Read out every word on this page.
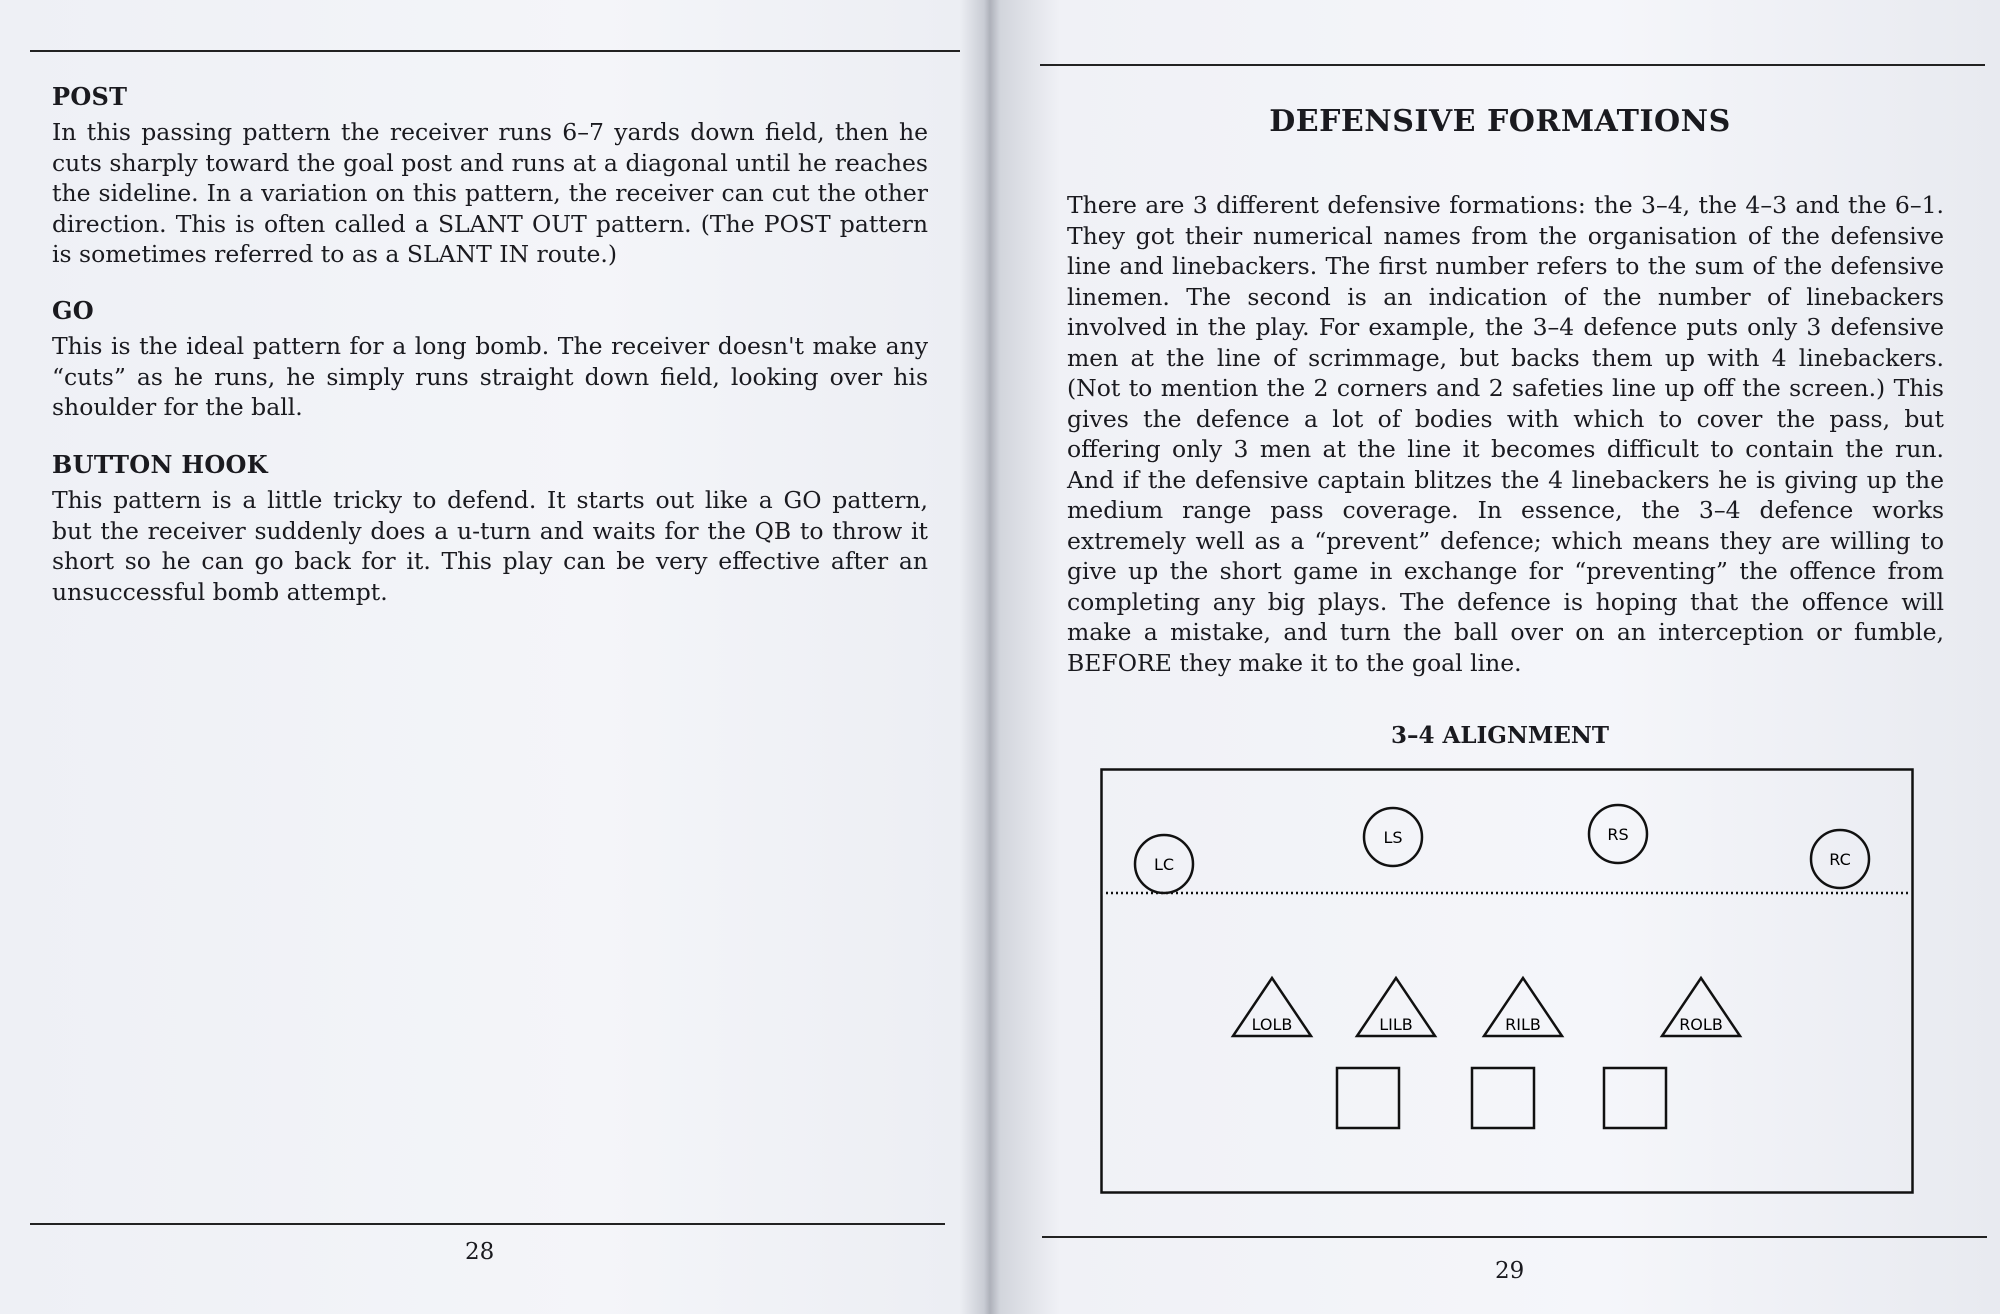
POST

In this passing pattern the receiver runs 6–7 yards down field, then he cuts sharply toward the goal post and runs at a diagonal until he reaches the sideline. In a variation on this pattern, the receiver can cut the other direction. This is often called a SLANT OUT pattern. (The POST pattern is sometimes referred to as a SLANT IN route.)

GO

This is the ideal pattern for a long bomb. The receiver doesn't make any “cuts” as he runs, he simply runs straight down field, looking over his shoulder for the ball.

BUTTON HOOK

This pattern is a little tricky to defend. It starts out like a GO pattern, but the receiver suddenly does a u-turn and waits for the QB to throw it short so he can go back for it. This play can be very effective after an unsuccessful bomb attempt.

28
DEFENSIVE FORMATIONS

There are 3 different defensive formations: the 3–4, the 4–3 and the 6–1. They got their numerical names from the organisation of the defensive line and linebackers. The first number refers to the sum of the defensive linemen. The second is an indication of the number of linebackers involved in the play. For example, the 3–4 defence puts only 3 defensive men at the line of scrimmage, but backs them up with 4 linebackers. (Not to mention the 2 corners and 2 safeties line up off the screen.) This gives the defence a lot of bodies with which to cover the pass, but offering only 3 men at the line it becomes difficult to contain the run. And if the defensive captain blitzes the 4 linebackers he is giving up the medium range pass coverage. In essence, the 3–4 defence works extremely well as a “prevent” defence; which means they are willing to give up the short game in exchange for “preventing” the offence from completing any big plays. The defence is hoping that the offence will make a mistake, and turn the ball over on an interception or fumble, BEFORE they make it to the goal line.

3–4 ALIGNMENT
29
LC
LS	RS
RC
LOLB	LILB	RILB	ROLB
